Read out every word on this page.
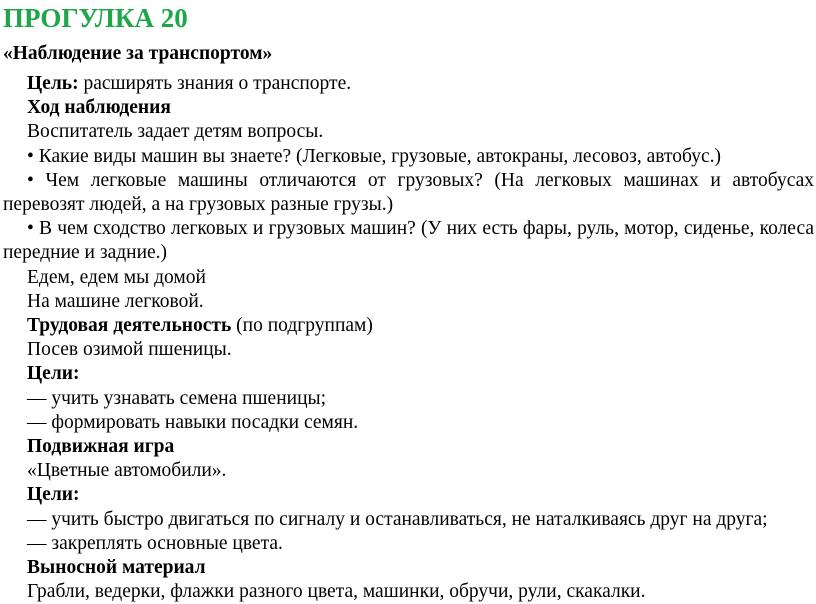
ПРОГУЛКА 20
«Наблюдение за транспортом»
Цель: расширять знания о транспорте.
Ход наблюдения
Воспитатель задает детям вопросы.
• Какие виды машин вы знаете? (Легковые, грузовые, автокраны, лесовоз, автобус.)
• Чем легковые машины отличаются от грузовых? (На легковых машинах и автобусах перевозят людей, а на грузовых разные грузы.)
• В чем сходство легковых и грузовых машин? (У них есть фары, руль, мотор, сиденье, колеса передние и задние.)
Едем, едем мы домой
На машине легковой.
Трудовая деятельность (по подгруппам)
Посев озимой пшеницы.
Цели:
— учить узнавать семена пшеницы;
— формировать навыки посадки семян.
Подвижная игра
«Цветные автомобили».
Цели:
— учить быстро двигаться по сигналу и останавливаться, не наталкиваясь друг на друга;
— закреплять основные цвета.
Выносной материал
Грабли, ведерки, флажки разного цвета, машинки, обручи, рули, скакалки.
